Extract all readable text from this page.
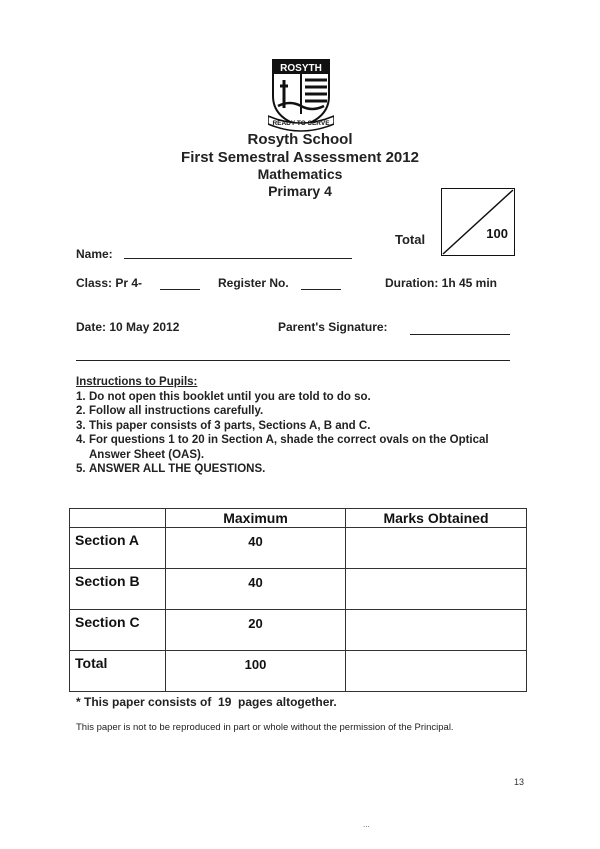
ROSYTH
READY TO SERVE
Rosyth School
First Semestral Assessment 2012
Mathematics
Primary 4
Total	100
Name:
Class: Pr 4-	Register No.	Duration: 1h 45 min
Date: 10 May 2012	Parent's Signature:
Instructions to Pupils:
1. Do not open this booklet until you are told to do so.
2. Follow all instructions carefully.
3. This paper consists of 3 parts, Sections A, B and C.
4. For questions 1 to 20 in Section A, shade the correct ovals on the Optical Answer Sheet (OAS).
5. ANSWER ALL THE QUESTIONS.
	Maximum	Marks Obtained
Section A	40	
Section B	40	
Section C	20	
Total	100	
* This paper consists of  19  pages altogether.
This paper is not to be reproduced in part or whole without the permission of the Principal.
13
...
